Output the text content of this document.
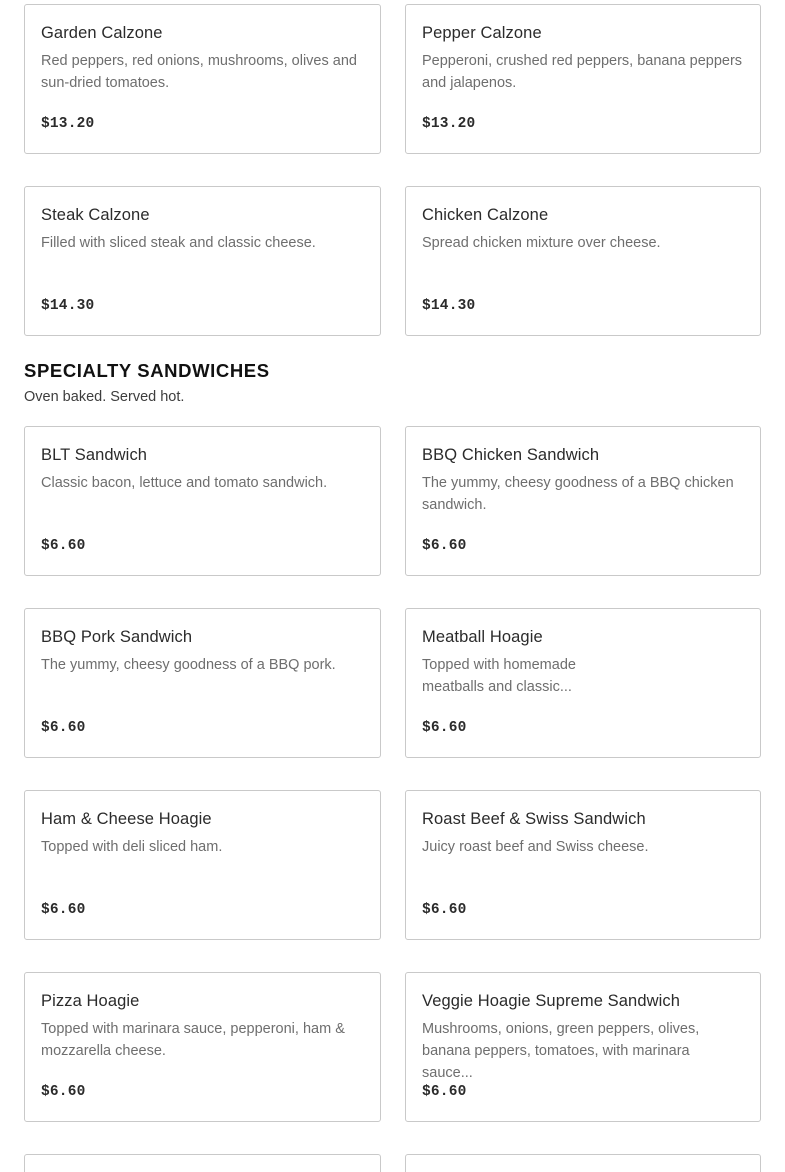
Garden Calzone

Red peppers, red onions, mushrooms, olives and sun-dried tomatoes.

$13.20
Pepper Calzone

Pepperoni, crushed red peppers, banana peppers and jalapenos.

$13.20
Steak Calzone

Filled with sliced steak and classic cheese.

$14.30
Chicken Calzone

Spread chicken mixture over cheese.

$14.30
SPECIALTY SANDWICHES

Oven baked. Served hot.

BLT Sandwich

Classic bacon, lettuce and tomato sandwich.

$6.60
BBQ Chicken Sandwich

The yummy, cheesy goodness of a BBQ chicken sandwich.

$6.60
BBQ Pork Sandwich

The yummy, cheesy goodness of a BBQ pork.

$6.60
Meatball Hoagie

Topped with homemade meatballs and classic...

$6.60
Ham & Cheese Hoagie

Topped with deli sliced ham.

$6.60
Roast Beef & Swiss Sandwich

Juicy roast beef and Swiss cheese.

$6.60
Pizza Hoagie

Topped with marinara sauce, pepperoni, ham & mozzarella cheese.

$6.60
Veggie Hoagie Supreme Sandwich

Mushrooms, onions, green peppers, olives, banana peppers, tomatoes, with marinara sauce...

$6.60
